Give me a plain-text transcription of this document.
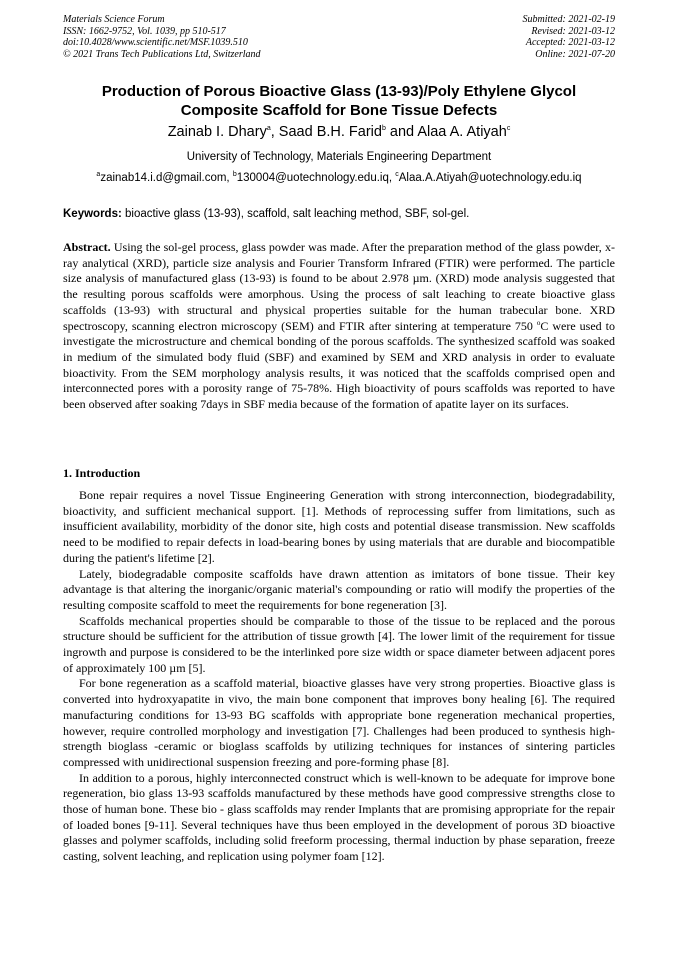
Materials Science Forum
ISSN: 1662-9752, Vol. 1039, pp 510-517
doi:10.4028/www.scientific.net/MSF.1039.510
© 2021 Trans Tech Publications Ltd, Switzerland
Submitted: 2021-02-19
Revised: 2021-03-12
Accepted: 2021-03-12
Online: 2021-07-20
Production of Porous Bioactive Glass (13-93)/Poly Ethylene Glycol
Composite Scaffold for Bone Tissue Defects
Zainab I. Dhary$^a$, Saad B.H. Farid$^b$ and Alaa A. Atiyah$^c$
University of Technology, Materials Engineering Department
$^a$zainab14.i.d@gmail.com, $^b$130004@uotechnology.edu.iq, $^c$Alaa.A.Atiyah@uotechnology.edu.iq
Keywords: bioactive glass (13-93), scaffold, salt leaching method, SBF, sol-gel.
Abstract. Using the sol-gel process, glass powder was made. After the preparation method of the glass powder, x-ray analytical (XRD), particle size analysis and Fourier Transform Infrared (FTIR) were performed. The particle size analysis of manufactured glass (13-93) is found to be about 2.978 µm. (XRD) mode analysis suggested that the resulting porous scaffolds were amorphous. Using the process of salt leaching to create bioactive glass scaffolds (13-93) with structural and physical properties suitable for the human trabecular bone. XRD spectroscopy, scanning electron microscopy (SEM) and FTIR after sintering at temperature 750 $^o$C were used to investigate the microstructure and chemical bonding of the porous scaffolds. The synthesized scaffold was soaked in medium of the simulated body fluid (SBF) and examined by SEM and XRD analysis in order to evaluate bioactivity. From the SEM morphology analysis results, it was noticed that the scaffolds comprised open and interconnected pores with a porosity range of 75-78%. High bioactivity of pours scaffolds was reported to have been observed after soaking 7days in SBF media because of the formation of apatite layer on its surfaces.
1. Introduction

Bone repair requires a novel Tissue Engineering Generation with strong interconnection, biodegradability, bioactivity, and sufficient mechanical support. [1]. Methods of reprocessing suffer from limitations, such as insufficient availability, morbidity of the donor site, high costs and potential disease transmission. New scaffolds need to be modified to repair defects in load-bearing bones by using materials that are durable and biocompatible during the patient's lifetime [2].

Lately, biodegradable composite scaffolds have drawn attention as imitators of bone tissue. Their key advantage is that altering the inorganic/organic material's compounding or ratio will modify the properties of the resulting composite scaffold to meet the requirements for bone regeneration [3].

Scaffolds mechanical properties should be comparable to those of the tissue to be replaced and the porous structure should be sufficient for the attribution of tissue growth [4]. The lower limit of the requirement for tissue ingrowth and purpose is considered to be the interlinked pore size width or space diameter between adjacent pores of approximately 100 µm [5].

For bone regeneration as a scaffold material, bioactive glasses have very strong properties. Bioactive glass is converted into hydroxyapatite in vivo, the main bone component that improves bony healing [6]. The required manufacturing conditions for 13-93 BG scaffolds with appropriate bone regeneration mechanical properties, however, require controlled morphology and investigation [7]. Challenges had been produced to synthesis high-strength bioglass -ceramic or bioglass scaffolds by utilizing techniques for instances of sintering particles compressed with unidirectional suspension freezing and pore-forming phase [8].

In addition to a porous, highly interconnected construct which is well-known to be adequate for improve bone regeneration, bio glass 13-93 scaffolds manufactured by these methods have good compressive strengths close to those of human bone. These bio - glass scaffolds may render Implants that are promising appropriate for the repair of loaded bones [9-11]. Several techniques have thus been employed in the development of porous 3D bioactive glasses and polymer scaffolds, including solid freeform processing, thermal induction by phase separation, freeze casting, solvent leaching, and replication using polymer foam [12].
